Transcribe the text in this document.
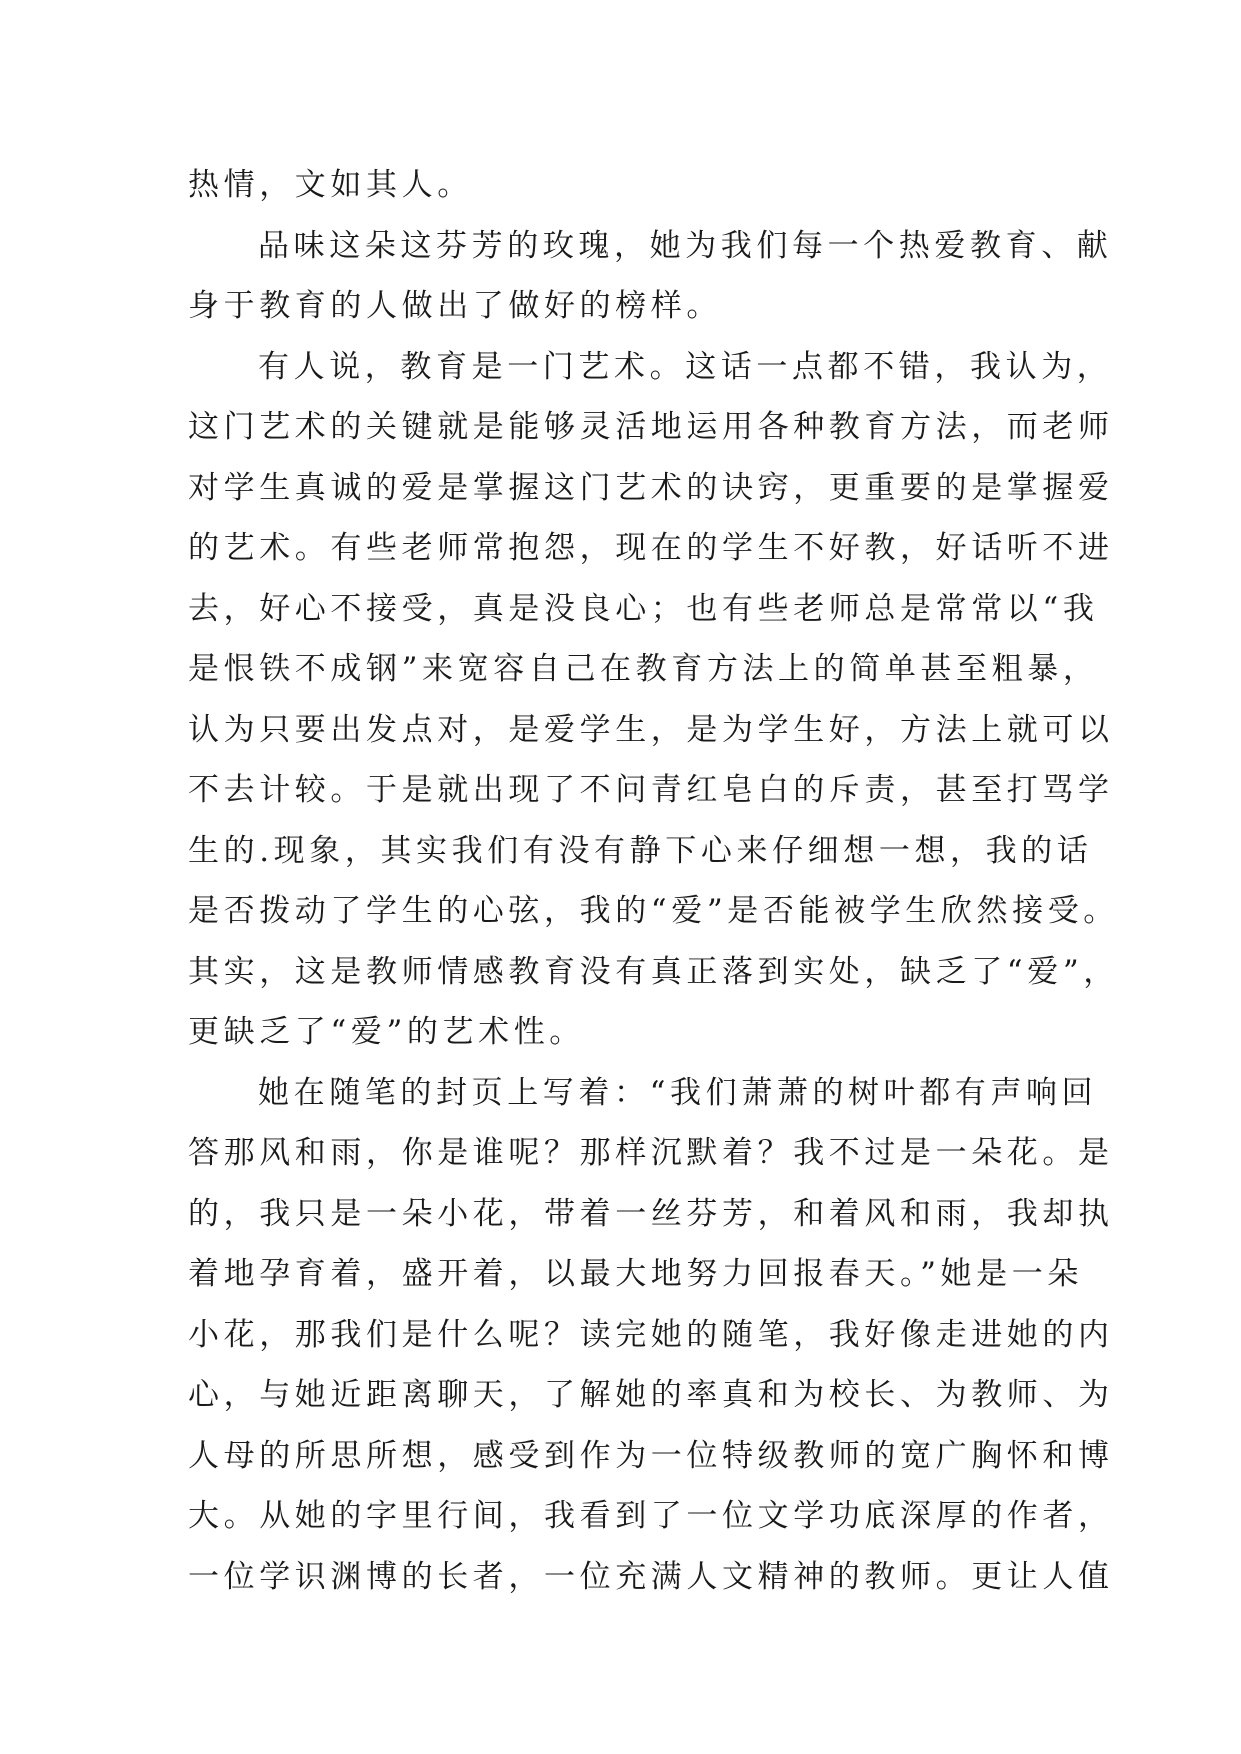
热情，文如其人。
品味这朵这芬芳的玫瑰，她为我们每一个热爱教育、献
身于教育的人做出了做好的榜样。
有人说，教育是一门艺术。这话一点都不错，我认为，
这门艺术的关键就是能够灵活地运用各种教育方法，而老师
对学生真诚的爱是掌握这门艺术的诀窍，更重要的是掌握爱
的艺术。有些老师常抱怨，现在的学生不好教，好话听不进
去，好心不接受，真是没良心；也有些老师总是常常以“我
是恨铁不成钢”来宽容自己在教育方法上的简单甚至粗暴，
认为只要出发点对，是爱学生，是为学生好，方法上就可以
不去计较。于是就出现了不问青红皂白的斥责，甚至打骂学
生的.现象，其实我们有没有静下心来仔细想一想，我的话
是否拨动了学生的心弦，我的“爱”是否能被学生欣然接受。
其实，这是教师情感教育没有真正落到实处，缺乏了“爱”，
更缺乏了“爱”的艺术性。
她在随笔的封页上写着：“我们萧萧的树叶都有声响回
答那风和雨，你是谁呢？那样沉默着？我不过是一朵花。是
的，我只是一朵小花，带着一丝芬芳，和着风和雨，我却执
着地孕育着，盛开着，以最大地努力回报春天。”她是一朵
小花，那我们是什么呢？读完她的随笔，我好像走进她的内
心，与她近距离聊天，了解她的率真和为校长、为教师、为
人母的所思所想，感受到作为一位特级教师的宽广胸怀和博
大。从她的字里行间，我看到了一位文学功底深厚的作者，
一位学识渊博的长者，一位充满人文精神的教师。更让人值
